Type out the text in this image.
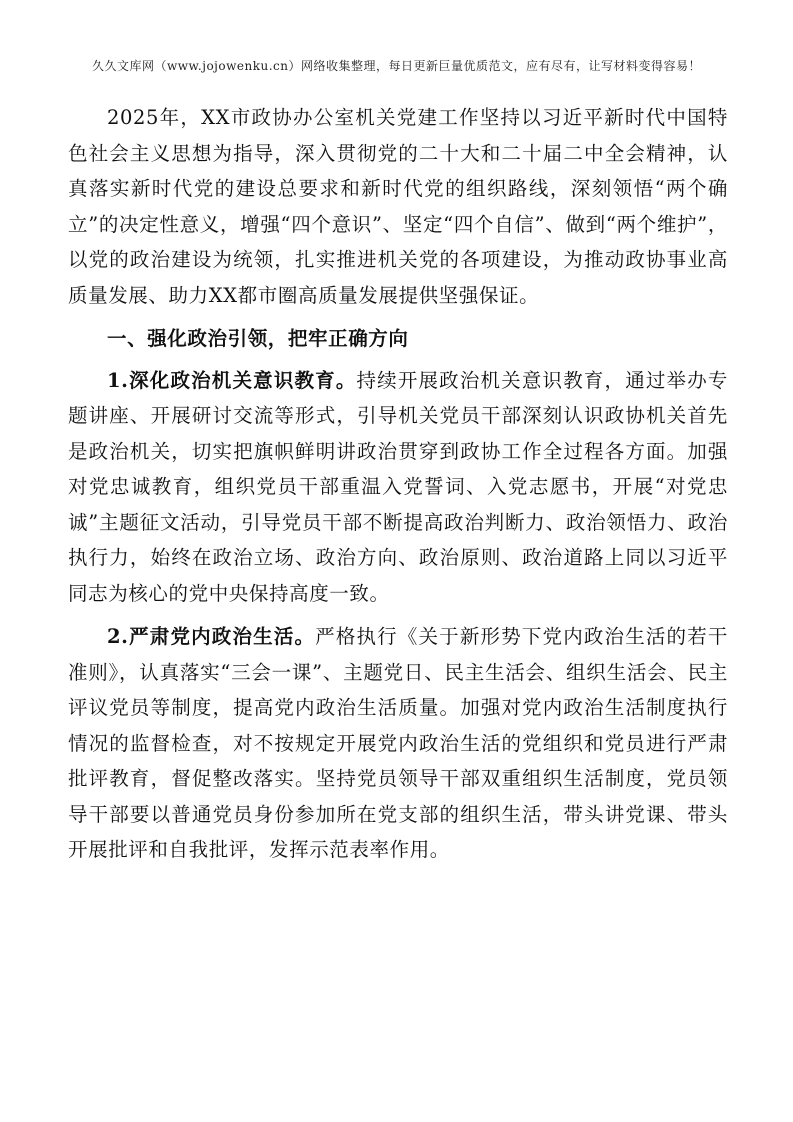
久久文库网（www.jojowenku.cn）网络收集整理，每日更新巨量优质范文，应有尽有，让写材料变得容易！

2025年，XX市政协办公室机关党建工作坚持以习近平新时代中国特色社会主义思想为指导，深入贯彻党的二十大和二十届二中全会精神，认真落实新时代党的建设总要求和新时代党的组织路线，深刻领悟“两个确立”的决定性意义，增强“四个意识”、坚定“四个自信”、做到“两个维护”，以党的政治建设为统领，扎实推进机关党的各项建设，为推动政协事业高质量发展、助力XX都市圈高质量发展提供坚强保证。

一、强化政治引领，把牢正确方向

1.深化政治机关意识教育。持续开展政治机关意识教育，通过举办专题讲座、开展研讨交流等形式，引导机关党员干部深刻认识政协机关首先是政治机关，切实把旗帜鲜明讲政治贯穿到政协工作全过程各方面。加强对党忠诚教育，组织党员干部重温入党誓词、入党志愿书，开展“对党忠诚”主题征文活动，引导党员干部不断提高政治判断力、政治领悟力、政治执行力，始终在政治立场、政治方向、政治原则、政治道路上同以习近平同志为核心的党中央保持高度一致。

2.严肃党内政治生活。严格执行《关于新形势下党内政治生活的若干准则》，认真落实“三会一课”、主题党日、民主生活会、组织生活会、民主评议党员等制度，提高党内政治生活质量。加强对党内政治生活制度执行情况的监督检查，对不按规定开展党内政治生活的党组织和党员进行严肃批评教育，督促整改落实。坚持党员领导干部双重组织生活制度，党员领导干部要以普通党员身份参加所在党支部的组织生活，带头讲党课、带头开展批评和自我批评，发挥示范表率作用。
